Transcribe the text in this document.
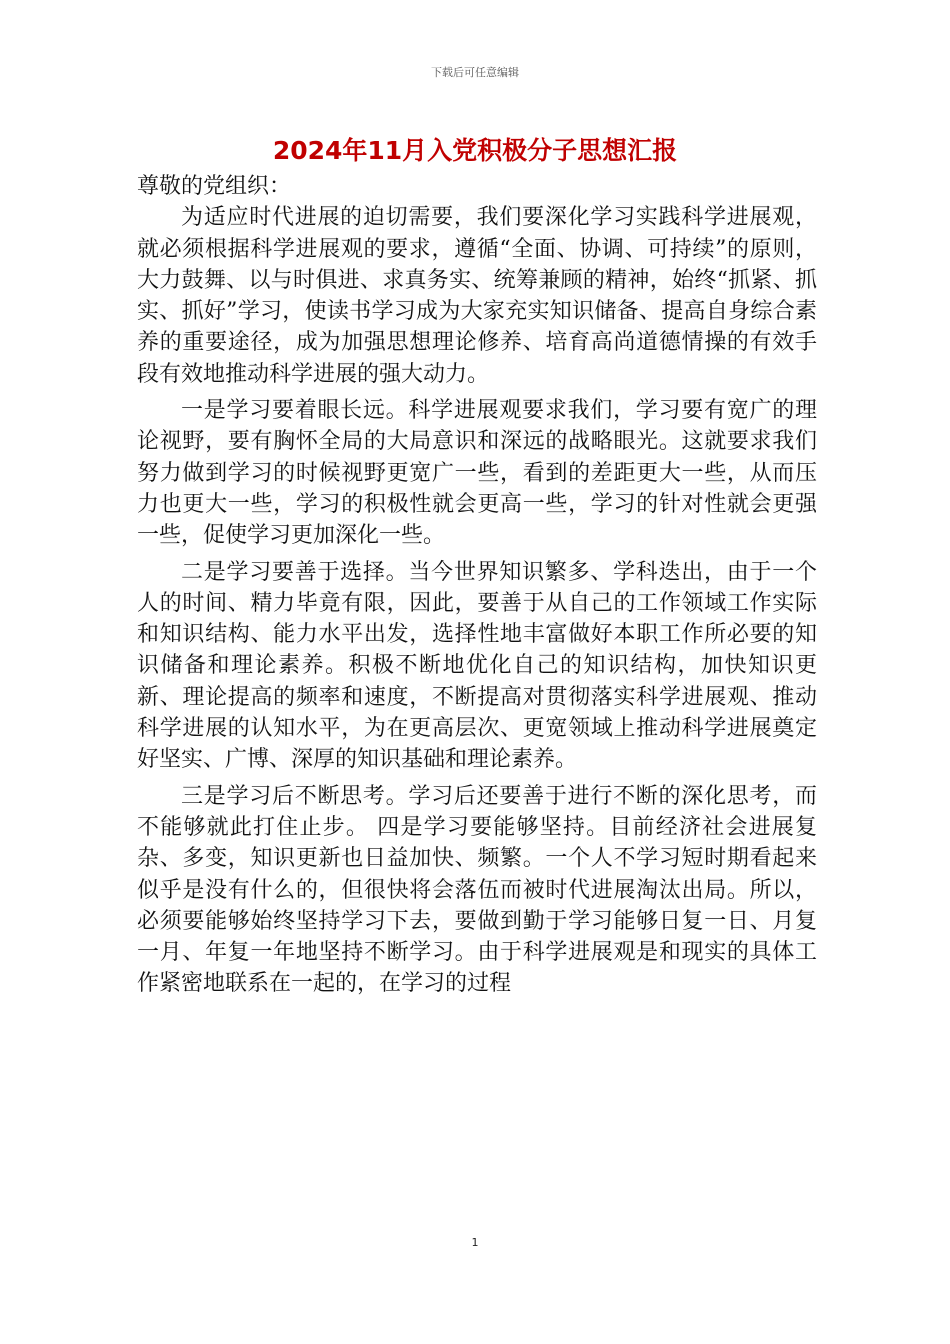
下载后可任意编辑
2024年11月入党积极分子思想汇报

尊敬的党组织：

为适应时代进展的迫切需要，我们要深化学习实践科学进展观，就必须根据科学进展观的要求，遵循“全面、协调、可持续”的原则，大力鼓舞、以与时俱进、求真务实、统筹兼顾的精神，始终“抓紧、抓实、抓好”学习，使读书学习成为大家充实知识储备、提高自身综合素养的重要途径，成为加强思想理论修养、培育高尚道德情操的有效手段有效地推动科学进展的强大动力。

一是学习要着眼长远。科学进展观要求我们，学习要有宽广的理论视野，要有胸怀全局的大局意识和深远的战略眼光。这就要求我们努力做到学习的时候视野更宽广一些，看到的差距更大一些，从而压力也更大一些，学习的积极性就会更高一些，学习的针对性就会更强一些，促使学习更加深化一些。

二是学习要善于选择。当今世界知识繁多、学科迭出，由于一个人的时间、精力毕竟有限，因此，要善于从自己的工作领域工作实际和知识结构、能力水平出发，选择性地丰富做好本职工作所必要的知识储备和理论素养。积极不断地优化自己的知识结构，加快知识更新、理论提高的频率和速度，不断提高对贯彻落实科学进展观、推动科学进展的认知水平，为在更高层次、更宽领域上推动科学进展奠定好坚实、广博、深厚的知识基础和理论素养。

三是学习后不断思考。学习后还要善于进行不断的深化思考，而不能够就此打住止步。 四是学习要能够坚持。目前经济社会进展复杂、多变，知识更新也日益加快、频繁。一个人不学习短时期看起来似乎是没有什么的，但很快将会落伍而被时代进展淘汰出局。所以，必须要能够始终坚持学习下去，要做到勤于学习能够日复一日、月复一月、年复一年地坚持不断学习。由于科学进展观是和现实的具体工作紧密地联系在一起的，在学习的过程

1
